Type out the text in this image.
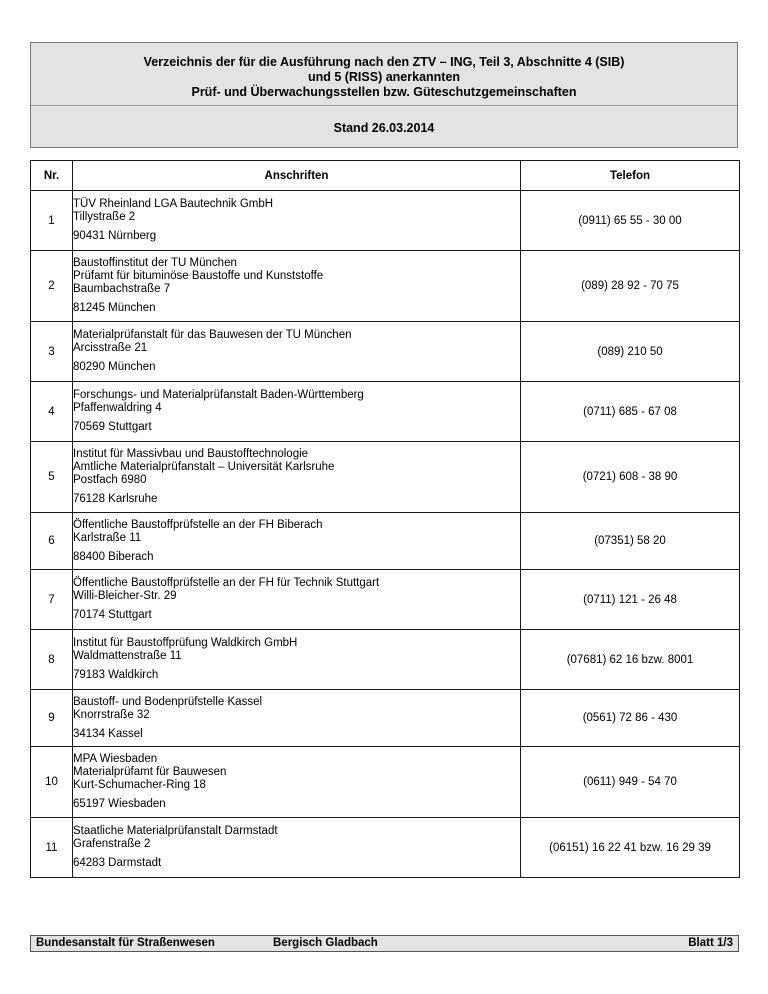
Verzeichnis der für die Ausführung nach den ZTV – ING, Teil 3, Abschnitte 4 (SIB)
und 5 (RISS) anerkannten
Prüf- und Überwachungsstellen bzw. Güteschutzgemeinschaften
Stand 26.03.2014
Nr.	Anschriften	Telefon
1	TÜV Rheinland LGA Bautechnik GmbH
Tillystraße 2
90431 Nürnberg	(0911) 65 55 - 30 00
2	Baustoffinstitut der TU München
Prüfamt für bituminöse Baustoffe und Kunststoffe
Baumbachstraße 7
81245 München	(089) 28 92 - 70 75
3	Materialprüfanstalt für das Bauwesen der TU München
Arcisstraße 21
80290 München	(089) 210 50
4	Forschungs- und Materialprüfanstalt Baden-Württemberg
Pfaffenwaldring 4
70569 Stuttgart	(0711) 685 - 67 08
5	Institut für Massivbau und Baustofftechnologie
Amtliche Materialprüfanstalt – Universität Karlsruhe
Postfach 6980
76128 Karlsruhe	(0721) 608 - 38 90
6	Öffentliche Baustoffprüfstelle an der FH Biberach
Karlstraße 11
88400 Biberach	(07351) 58 20
7	Öffentliche Baustoffprüfstelle an der FH für Technik Stuttgart
Willi-Bleicher-Str. 29
70174 Stuttgart	(0711) 121 - 26 48
8	Institut für Baustoffprüfung Waldkirch GmbH
Waldmattenstraße 11
79183 Waldkirch	(07681) 62 16 bzw. 8001
9	Baustoff- und Bodenprüfstelle Kassel
Knorrstraße 32
34134 Kassel	(0561) 72 86 - 430
10	MPA Wiesbaden
Materialprüfamt für Bauwesen
Kurt-Schumacher-Ring 18
65197 Wiesbaden	(0611) 949 - 54 70
11	Staatliche Materialprüfanstalt Darmstadt
Grafenstraße 2
64283 Darmstadt	(06151) 16 22 41 bzw. 16 29 39
Bundesanstalt für Straßenwesen	Bergisch Gladbach	Blatt 1/3
